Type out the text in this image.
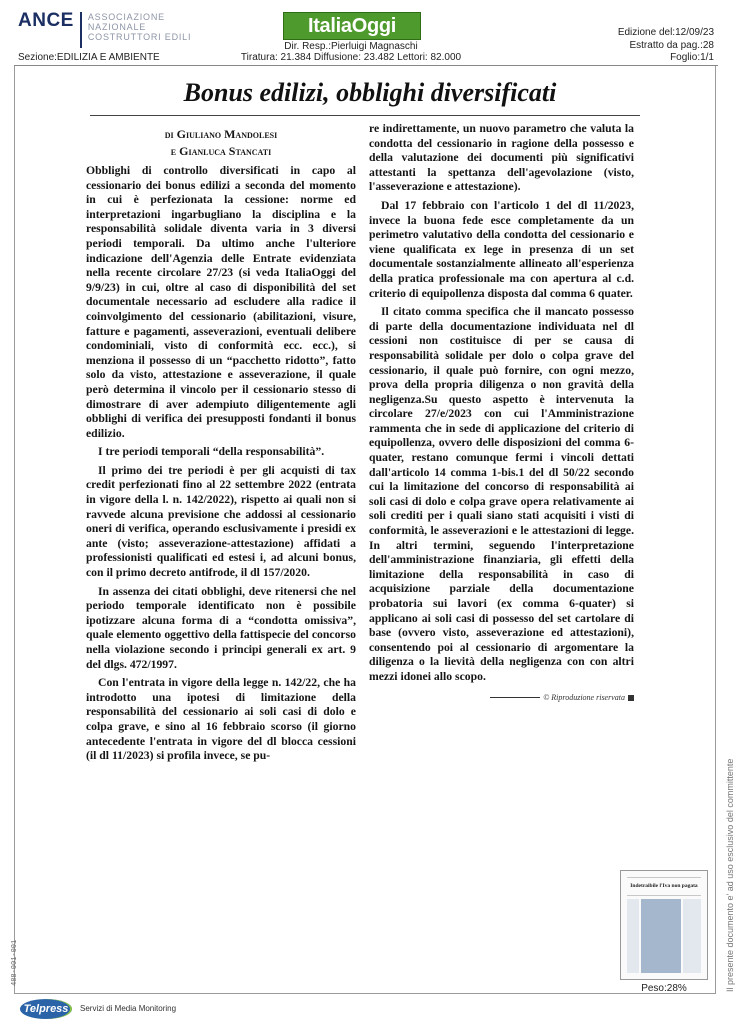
ANCE ASSOCIAZIONE
NAZIONALE
COSTRUTTORI EDILI
Sezione:EDILIZIA E AMBIENTE
ItaliaOggi
Dir. Resp.:Pierluigi Magnaschi
Tiratura: 21.384 Diffusione: 23.482 Lettori: 82.000
Edizione del:12/09/23
Estratto da pag.:28
Foglio:1/1
Bonus edilizi, obblighi diversificati
di Giuliano Mandolesi
e Gianluca Stancati

Obblighi di controllo diversificati in capo al cessionario dei bonus edilizi a seconda del momento in cui è perfezionata la cessione: norme ed interpretazioni ingarbugliano la disciplina e la responsabilità solidale diventa varia in 3 diversi periodi temporali. Da ultimo anche l'ulteriore indicazione dell'Agenzia delle Entrate evidenziata nella recente circolare 27/23 (si veda ItaliaOggi del 9/9/23) in cui, oltre al caso di disponibilità del set documentale necessario ad escludere alla radice il coinvolgimento del cessionario (abilitazioni, visure, fatture e pagamenti, asseverazioni, eventuali delibere condominiali, visto di conformità ecc. ecc.), si menziona il possesso di un “pacchetto ridotto”, fatto solo da visto, attestazione e asseverazione, il quale però determina il vincolo per il cessionario stesso di dimostrare di aver adempiuto diligentemente agli obblighi di verifica dei presupposti fondanti il bonus edilizio.

I tre periodi temporali “della responsabilità”.

Il primo dei tre periodi è per gli acquisti di tax credit perfezionati fino al 22 settembre 2022 (entrata in vigore della l. n. 142/2022), rispetto ai quali non si ravvede alcuna previsione che addossi al cessionario oneri di verifica, operando esclusivamente i presidi ex ante (visto; asseverazione-attestazione) affidati a professionisti qualificati ed estesi i, ad alcuni bonus, con il primo decreto antifrode, il dl 157/2020.

In assenza dei citati obblighi, deve ritenersi che nel periodo temporale identificato non è possibile ipotizzare alcuna forma di a “condotta omissiva”, quale elemento oggettivo della fattispecie del concorso nella violazione secondo i principi generali ex art. 9 del dlgs. 472/1997.

Con l'entrata in vigore della legge n. 142/22, che ha introdotto una ipotesi di limitazione della responsabilità del cessionario ai soli casi di dolo e colpa grave, e sino al 16 febbraio scorso (il giorno antecedente l'entrata in vigore del dl blocca cessioni (il dl 11/2023) si profila invece, se pu-

re indirettamente, un nuovo parametro che valuta la condotta del cessionario in ragione della possesso e della valutazione dei documenti più significativi attestanti la spettanza dell'agevolazione (visto, l'asseverazione e attestazione).

Dal 17 febbraio con l'articolo 1 del dl 11/2023, invece la buona fede esce completamente da un perimetro valutativo della condotta del cessionario e viene qualificata ex lege in presenza di un set documentale sostanzialmente allineato all'esperienza della pratica professionale ma con apertura al c.d. criterio di equipollenza disposta dal comma 6 quater.

Il citato comma specifica che il mancato possesso di parte della documentazione individuata nel dl cessioni non costituisce di per se causa di responsabilità solidale per dolo o colpa grave del cessionario, il quale può fornire, con ogni mezzo, prova della propria diligenza o non gravità della negligenza.Su questo aspetto è intervenuta la circolare 27/e/2023 con cui l'Amministrazione rammenta che in sede di applicazione del criterio di equipollenza, ovvero delle disposizioni del comma 6-quater, restano comunque fermi i vincoli dettati dall'articolo 14 comma 1-bis.1 del dl 50/22 secondo cui la limitazione del concorso di responsabilità ai soli casi di dolo e colpa grave opera relativamente ai soli crediti per i quali siano stati acquisiti i visti di conformità, le asseverazioni e le attestazioni di legge. In altri termini, seguendo l'interpretazione dell'amministrazione finanziaria, gli effetti della limitazione della responsabilità in caso di acquisizione parziale della documentazione probatoria sui lavori (ex comma 6-quater) si applicano ai soli casi di possesso del set cartolare di base (ovvero visto, asseverazione ed attestazioni), consentendo poi al cessionario di argomentare la diligenza o la lievità della negligenza con con altri mezzi idonei allo scopo.

© Riproduzione riservata
Il presente documento e' ad uso esclusivo del committente
488-001-001
Indetraibile l'Iva non pagata
Peso:28%
Telpress	Servizi di Media Monitoring
